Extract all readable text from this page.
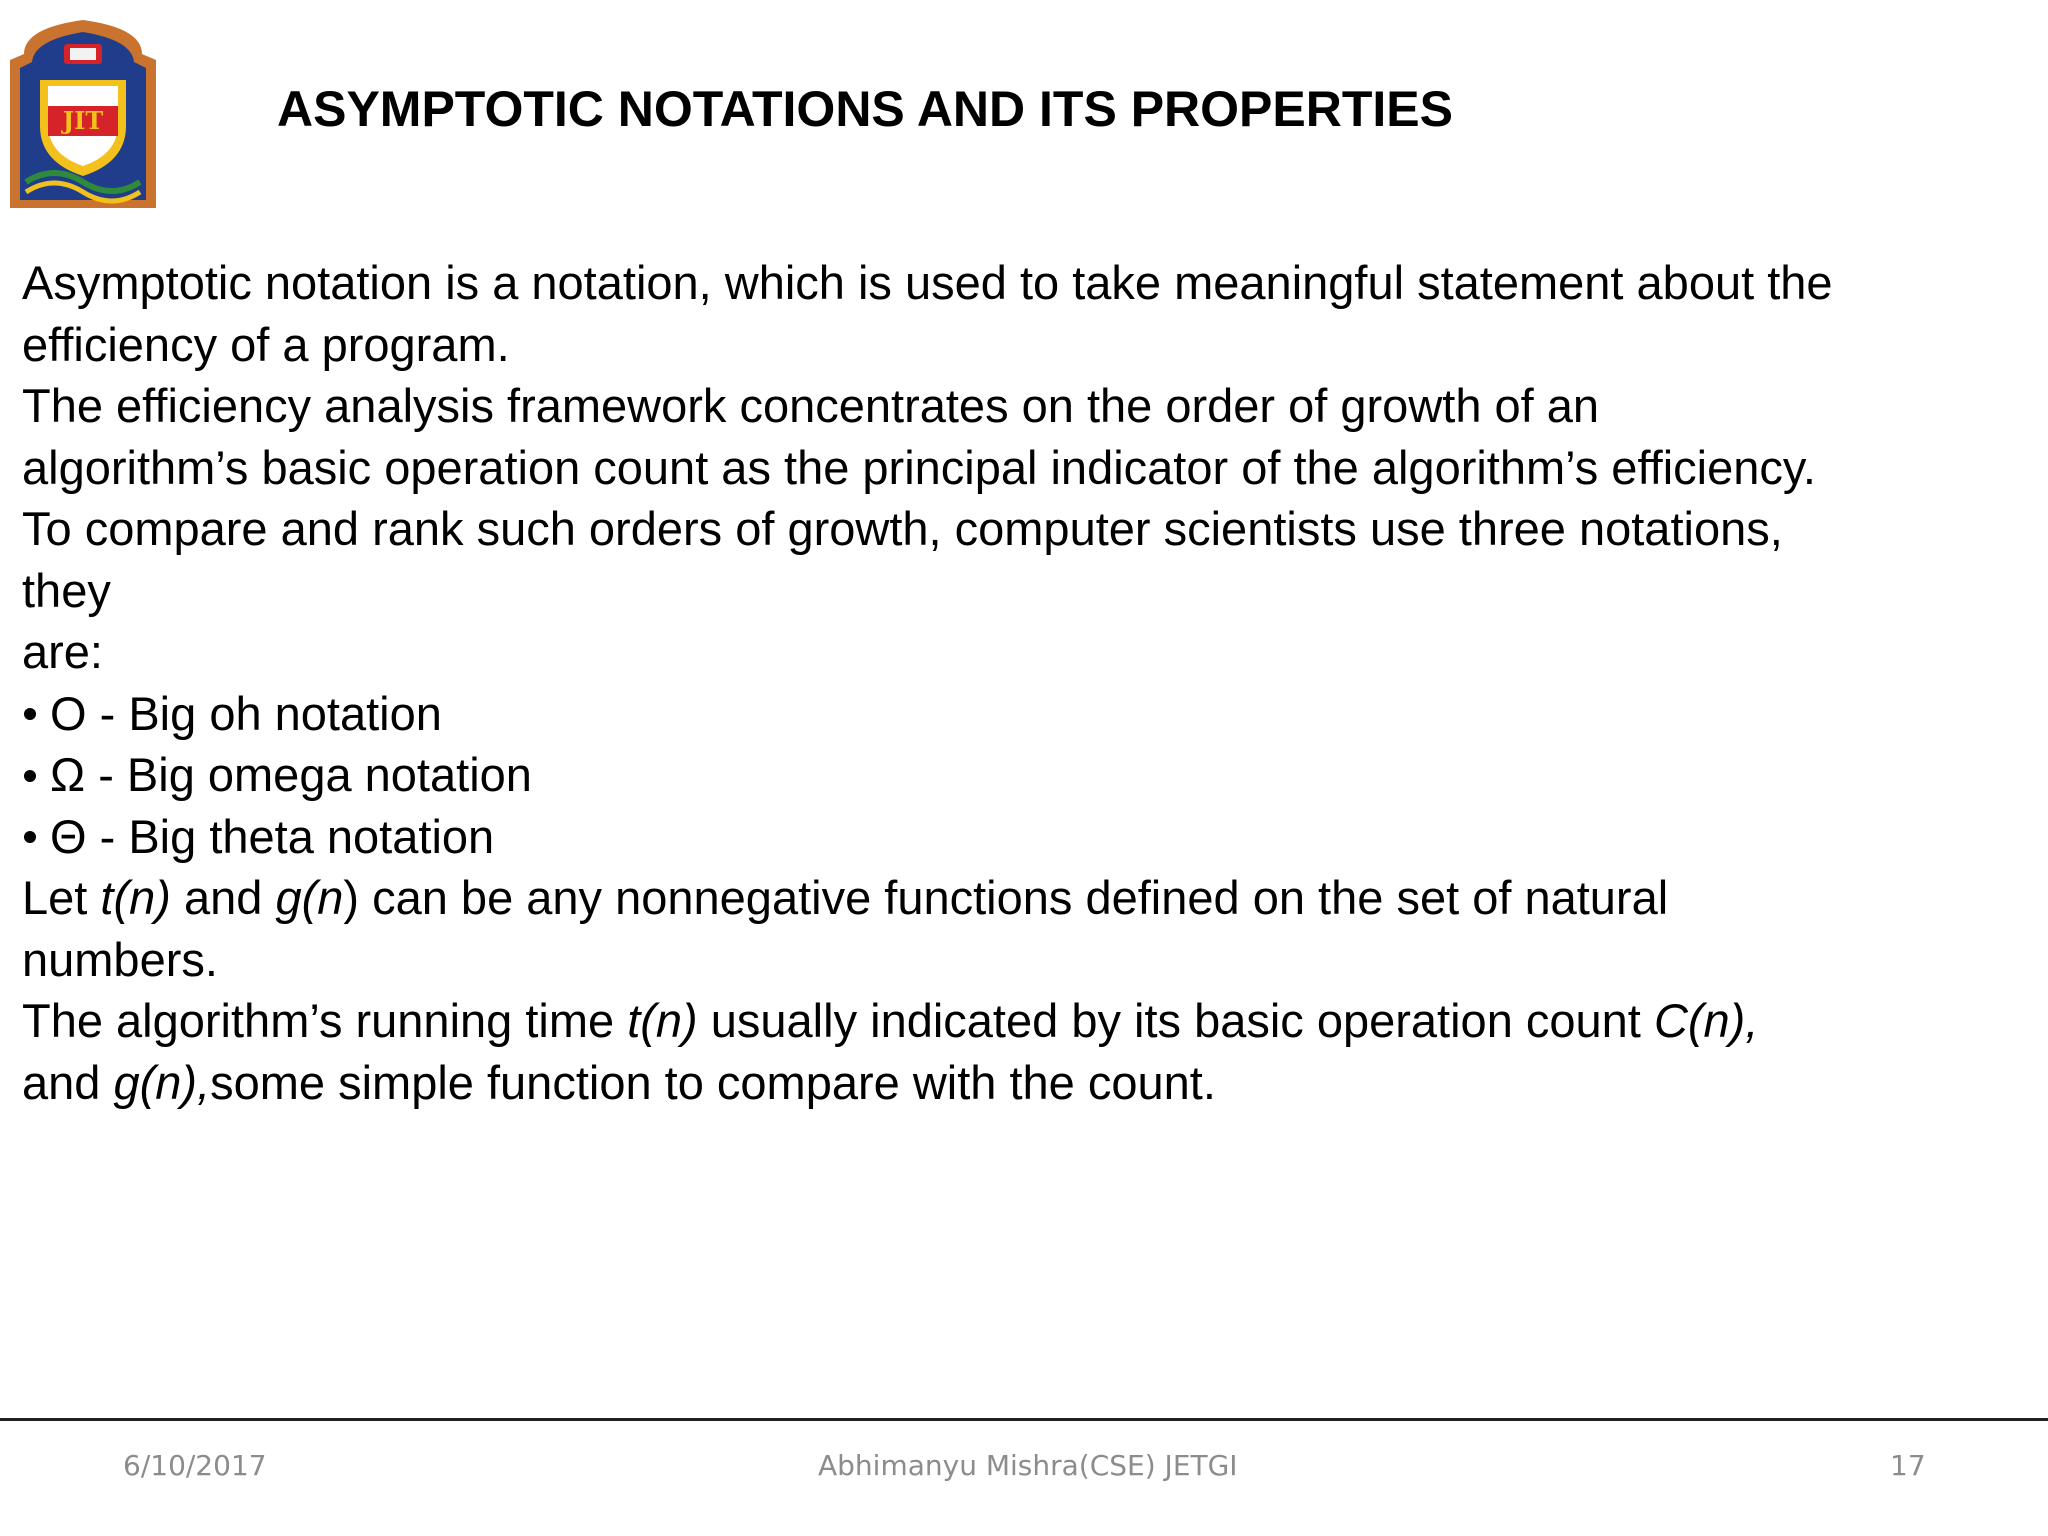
JIT	ASYMPTOTIC NOTATIONS AND ITS PROPERTIES
Asymptotic notation is a notation, which is used to take meaningful statement about the
efficiency of a program.
The efficiency analysis framework concentrates on the order of growth of an
algorithm’s basic operation count as the principal indicator of the algorithm’s efficiency.
To compare and rank such orders of growth, computer scientists use three notations,
they
are:
O - Big oh notation
Ω - Big omega notation
Θ - Big theta notation
Let t(n) and g(n) can be any nonnegative functions defined on the set of natural
numbers.
The algorithm’s running time t(n) usually indicated by its basic operation count C(n),
and g(n),some simple function to compare with the count.
6/10/2017	Abhimanyu Mishra(CSE) JETGI	17
